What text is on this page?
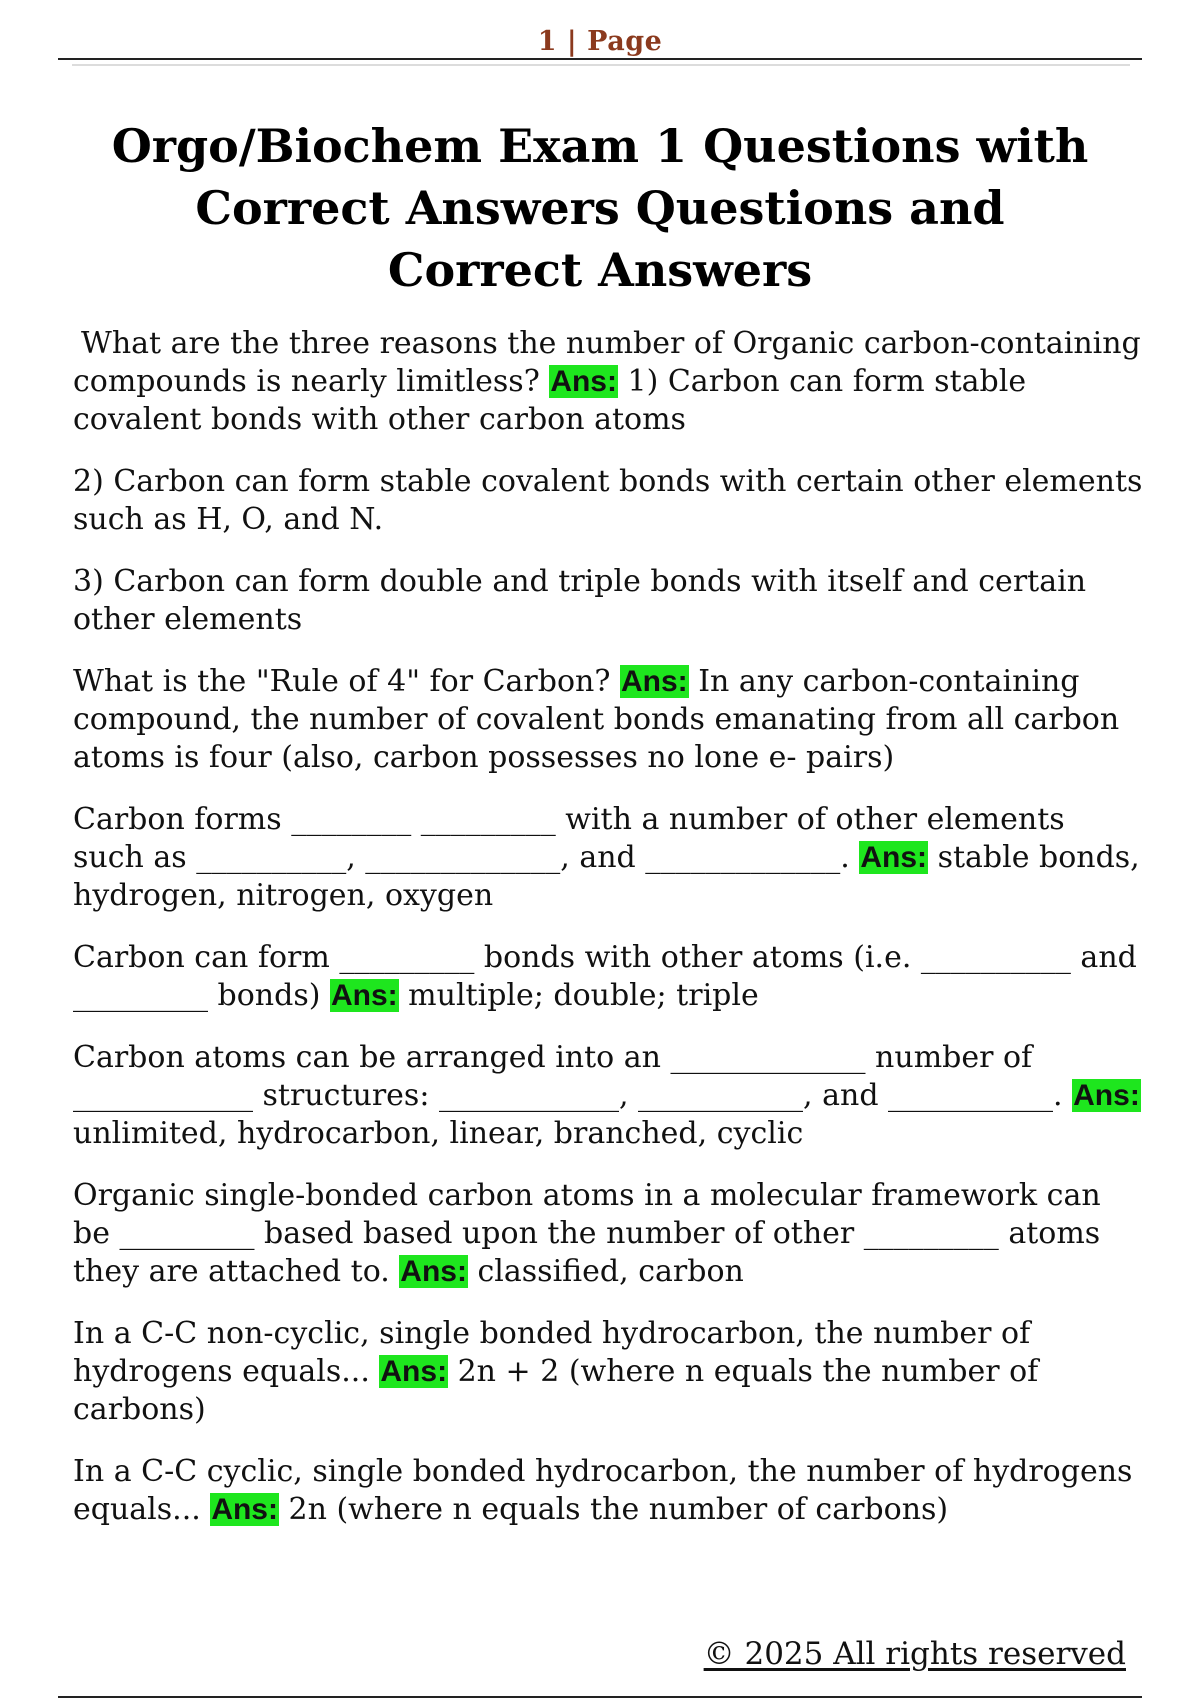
1 | Page
Orgo/Biochem Exam 1 Questions with Correct Answers Questions and Correct Answers

What are the three reasons the number of Organic carbon-containing compounds is nearly limitless? Ans: 1) Carbon can form stable covalent bonds with other carbon atoms

2) Carbon can form stable covalent bonds with certain other elements such as H, O, and N.

3) Carbon can form double and triple bonds with itself and certain other elements

What is the "Rule of 4" for Carbon? Ans: In any carbon-containing compound, the number of covalent bonds emanating from all carbon atoms is four (also, carbon possesses no lone e- pairs)

Carbon forms ________ _________ with a number of other elements such as __________, _____________, and _____________. Ans: stable bonds, hydrogen, nitrogen, oxygen

Carbon can form _________ bonds with other atoms (i.e. __________ and _________ bonds) Ans: multiple; double; triple

Carbon atoms can be arranged into an _____________ number of ____________ structures: ____________, ___________, and ___________. Ans: unlimited, hydrocarbon, linear, branched, cyclic

Organic single-bonded carbon atoms in a molecular framework can be _________ based based upon the number of other _________ atoms they are attached to. Ans: classified, carbon

In a C-C non-cyclic, single bonded hydrocarbon, the number of hydrogens equals... Ans: 2n + 2 (where n equals the number of carbons)

In a C-C cyclic, single bonded hydrocarbon, the number of hydrogens equals... Ans: 2n (where n equals the number of carbons)

© 2025 All rights reserved
